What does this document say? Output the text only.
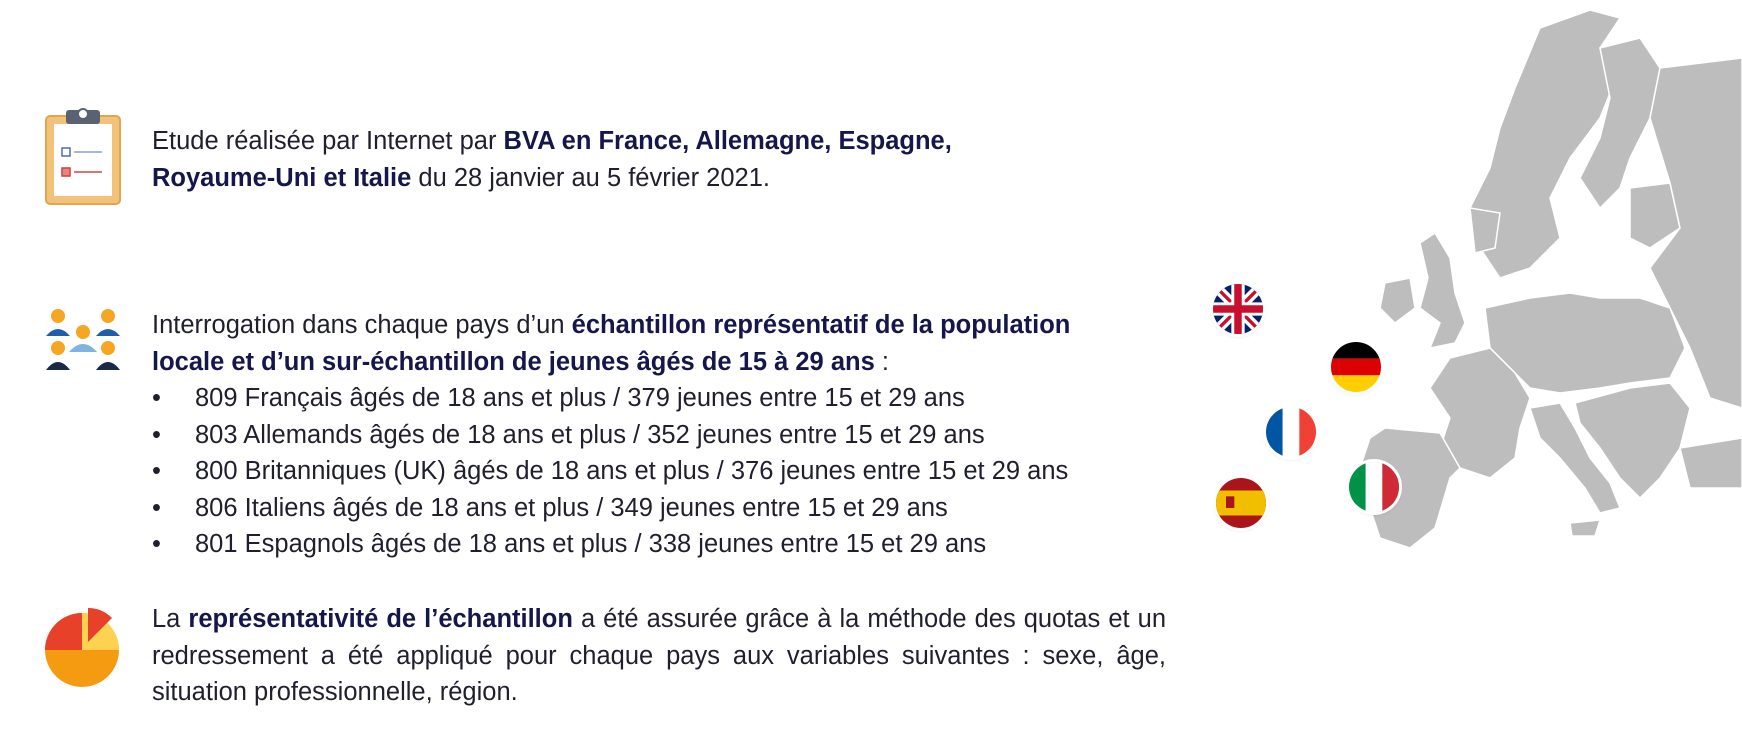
Etude réalisée par Internet par BVA en France, Allemagne, Espagne,
Royaume-Uni et Italie du 28 janvier au 5 février 2021.
Interrogation dans chaque pays d’un échantillon représentatif de la population
locale et d’un sur-échantillon de jeunes âgés de 15 à 29 ans :
• 809 Français âgés de 18 ans et plus / 379 jeunes entre 15 et 29 ans
• 803 Allemands âgés de 18 ans et plus / 352 jeunes entre 15 et 29 ans
• 800 Britanniques (UK) âgés de 18 ans et plus / 376 jeunes entre 15 et 29 ans
• 806 Italiens âgés de 18 ans et plus / 349 jeunes entre 15 et 29 ans
• 801 Espagnols âgés de 18 ans et plus / 338 jeunes entre 15 et 29 ans
La représentativité de l’échantillon a été assurée grâce à la méthode des quotas et un redressement a été appliqué pour chaque pays aux variables suivantes : sexe, âge, situation professionnelle, région.
